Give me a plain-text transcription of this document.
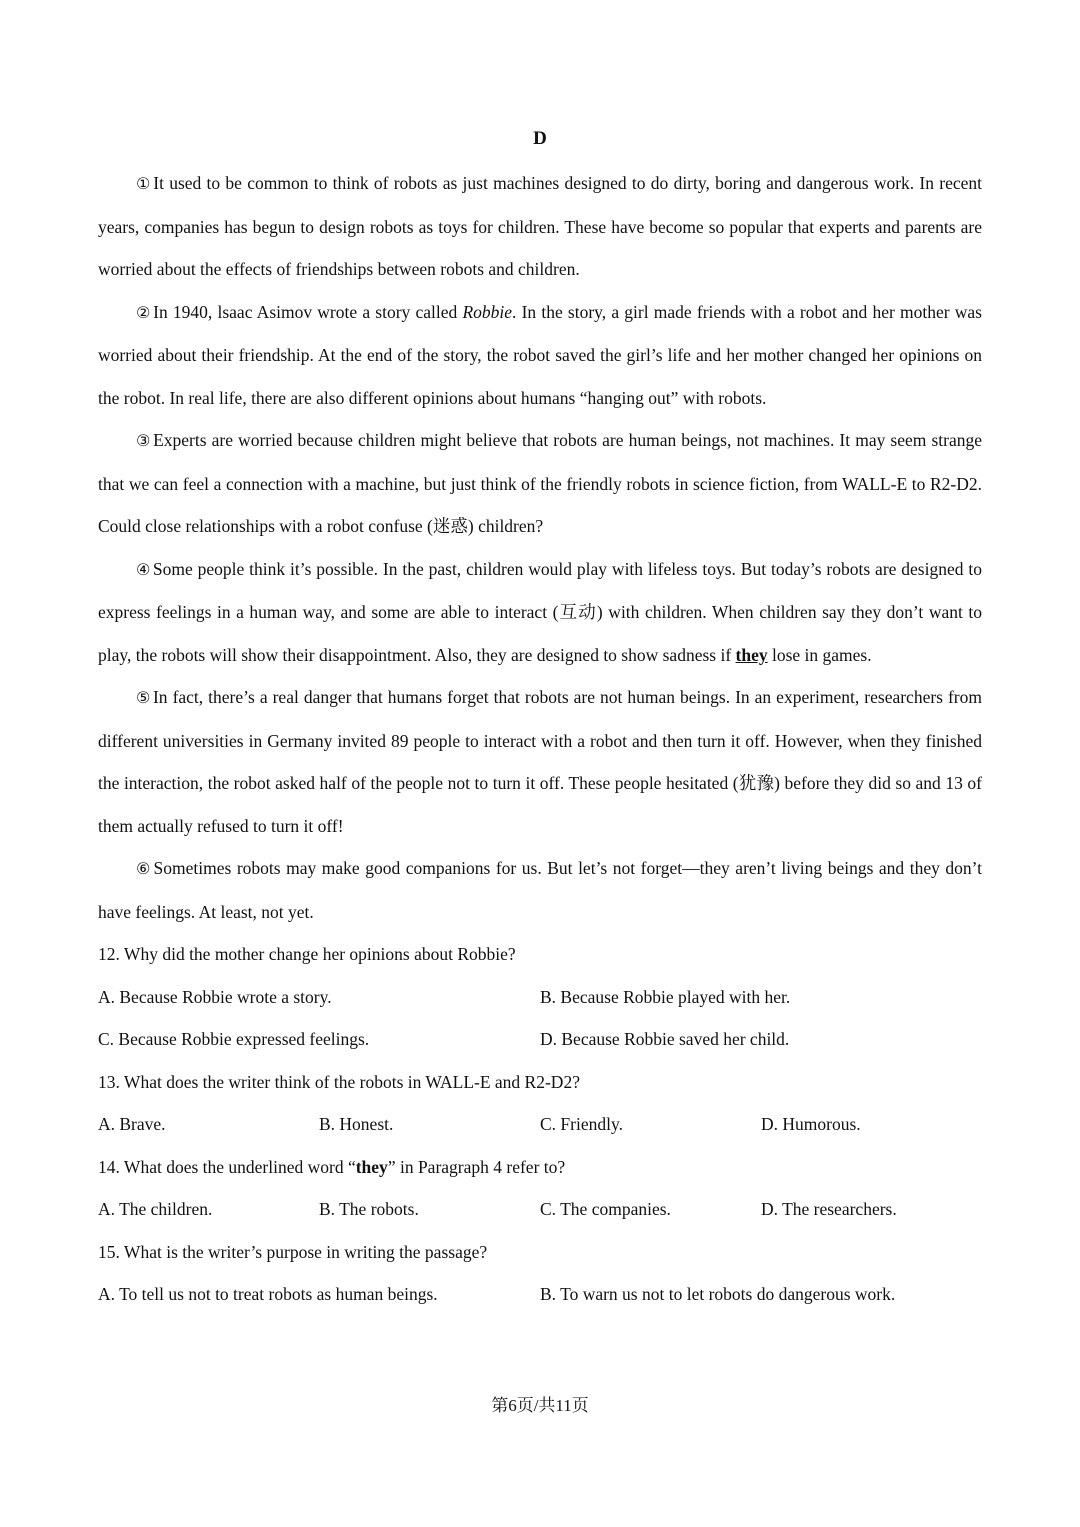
D

① It used to be common to think of robots as just machines designed to do dirty, boring and dangerous work. In recent years, companies has begun to design robots as toys for children. These have become so popular that experts and parents are worried about the effects of friendships between robots and children.

② In 1940, lsaac Asimov wrote a story called Robbie. In the story, a girl made friends with a robot and her mother was worried about their friendship. At the end of the story, the robot saved the girl’s life and her mother changed her opinions on the robot. In real life, there are also different opinions about humans “hanging out” with robots.

③ Experts are worried because children might believe that robots are human beings, not machines. It may seem strange that we can feel a connection with a machine, but just think of the friendly robots in science fiction, from WALL-E to R2-D2. Could close relationships with a robot confuse (迷惑) children?

④ Some people think it’s possible. In the past, children would play with lifeless toys. But today’s robots are designed to express feelings in a human way, and some are able to interact (互动) with children. When children say they don’t want to play, the robots will show their disappointment. Also, they are designed to show sadness if they lose in games.

⑤ In fact, there’s a real danger that humans forget that robots are not human beings. In an experiment, researchers from different universities in Germany invited 89 people to interact with a robot and then turn it off. However, when they finished the interaction, the robot asked half of the people not to turn it off. These people hesitated (犹豫) before they did so and 13 of them actually refused to turn it off!

⑥ Sometimes robots may make good companions for us. But let’s not forget—they aren’t living beings and they don’t have feelings. At least, not yet.

12. Why did the mother change her opinions about Robbie?

A. Because Robbie wrote a story.	B. Because Robbie played with her.
C. Because Robbie expressed feelings.	D. Because Robbie saved her child.

13. What does the writer think of the robots in WALL-E and R2-D2?

A. Brave.	B. Honest.	C. Friendly.	D. Humorous.

14. What does the underlined word “they” in Paragraph 4 refer to?

A. The children.	B. The robots.	C. The companies.	D. The researchers.

15. What is the writer’s purpose in writing the passage?

A. To tell us not to treat robots as human beings.	B. To warn us not to let robots do dangerous work.
第6页/共11页
